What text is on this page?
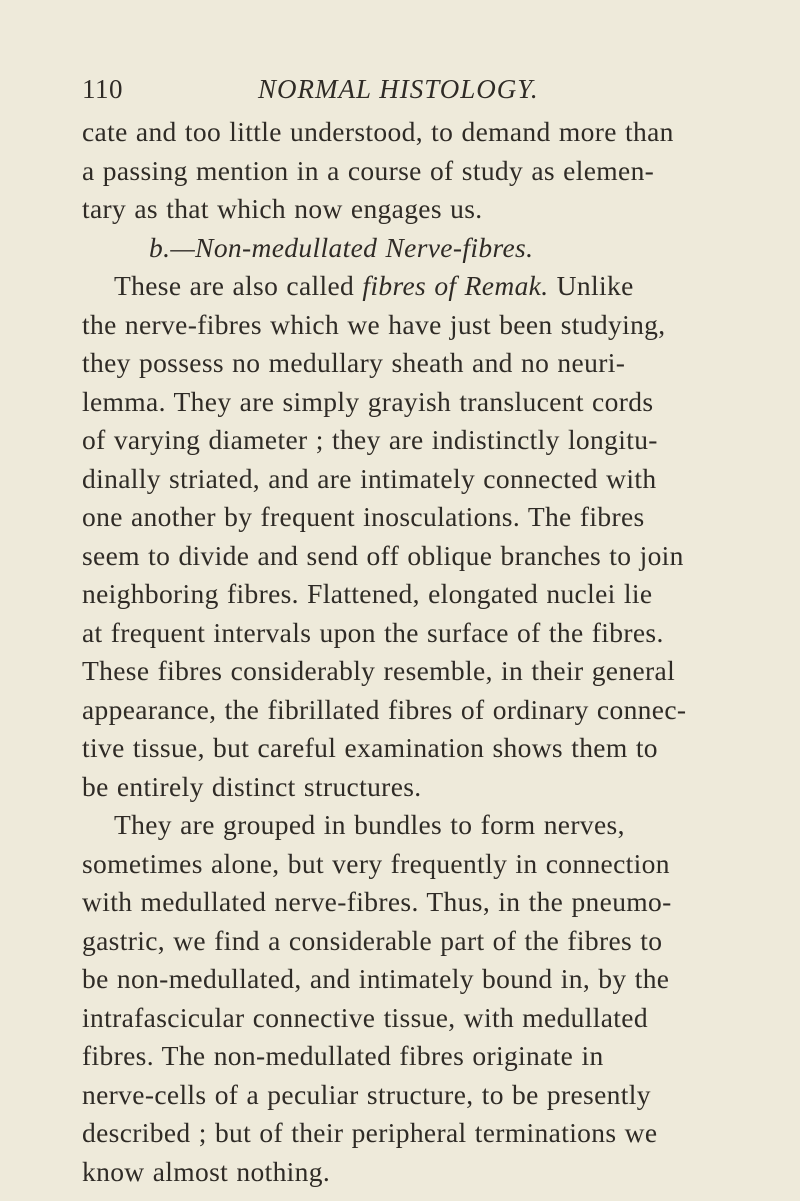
110	NORMAL HISTOLOGY.
cate and too little understood, to demand more than
a passing mention in a course of study as elemen-
tary as that which now engages us.
b.—Non-medullated Nerve-fibres.
These are also called fibres of Remak. Unlike
the nerve-fibres which we have just been studying,
they possess no medullary sheath and no neuri-
lemma. They are simply grayish translucent cords
of varying diameter ; they are indistinctly longitu-
dinally striated, and are intimately connected with
one another by frequent inosculations. The fibres
seem to divide and send off oblique branches to join
neighboring fibres. Flattened, elongated nuclei lie
at frequent intervals upon the surface of the fibres.
These fibres considerably resemble, in their general
appearance, the fibrillated fibres of ordinary connec-
tive tissue, but careful examination shows them to
be entirely distinct structures.
They are grouped in bundles to form nerves,
sometimes alone, but very frequently in connection
with medullated nerve-fibres. Thus, in the pneumo-
gastric, we find a considerable part of the fibres to
be non-medullated, and intimately bound in, by the
intrafascicular connective tissue, with medullated
fibres. The non-medullated fibres originate in
nerve-cells of a peculiar structure, to be presently
described ; but of their peripheral terminations we
know almost nothing.
